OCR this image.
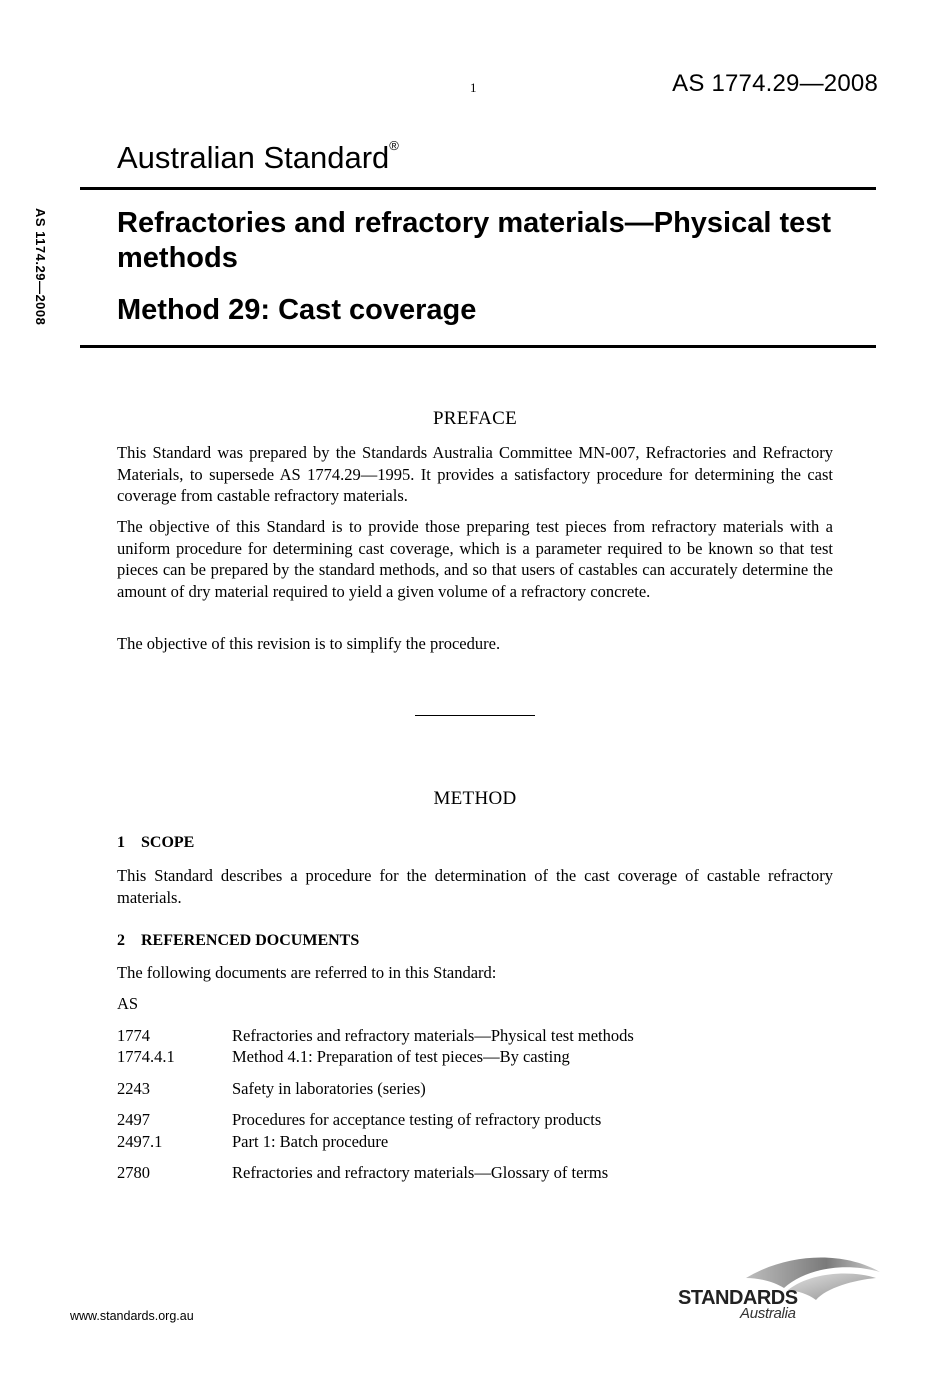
1	AS 1774.29—2008
AS 1174.29—2008
Australian Standard®
Refractories and refractory materials—Physical test methods
Method 29: Cast coverage
PREFACE
This Standard was prepared by the Standards Australia Committee MN-007, Refractories and Refractory Materials, to supersede AS 1774.29—1995. It provides a satisfactory procedure for determining the cast coverage from castable refractory materials.
The objective of this Standard is to provide those preparing test pieces from refractory materials with a uniform procedure for determining cast coverage, which is a parameter required to be known so that test pieces can be prepared by the standard methods, and so that users of castables can accurately determine the amount of dry material required to yield a given volume of a refractory concrete.
The objective of this revision is to simplify the procedure.
METHOD
1 SCOPE
This Standard describes a procedure for the determination of the cast coverage of castable refractory materials.
2 REFERENCED DOCUMENTS
The following documents are referred to in this Standard:
AS
1774	Refractories and refractory materials—Physical test methods
1774.4.1	Method 4.1: Preparation of test pieces—By casting
2243	Safety in laboratories (series)
2497	Procedures for acceptance testing of refractory products
2497.1	Part 1: Batch procedure
2780	Refractories and refractory materials—Glossary of terms
www.standards.org.au
STANDARDS
Australia
